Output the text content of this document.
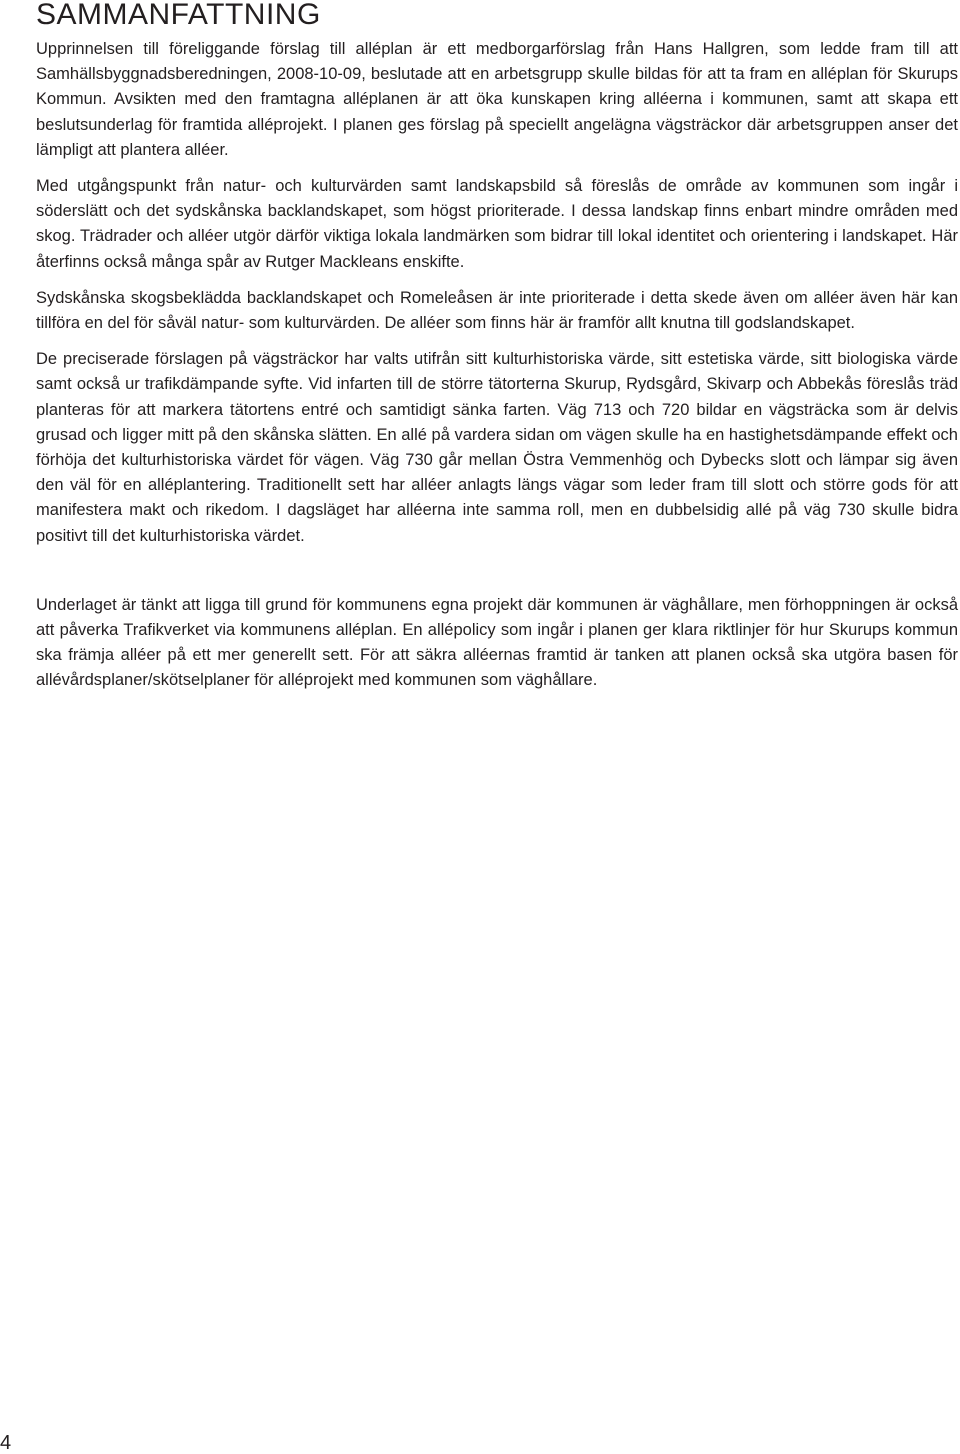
SAMMANFATTNING

Upprinnelsen till föreliggande förslag till alléplan är ett medborgarförslag från Hans Hallgren, som ledde fram till att Samhällsbyggnadsberedningen, 2008-10-09, beslutade att en arbetsgrupp skulle bildas för att ta fram en alléplan för Skurups Kommun. Avsikten med den framtagna alléplanen är att öka kunskapen kring alléerna i kommunen, samt att skapa ett beslutsunderlag för framtida alléprojekt. I planen ges förslag på speciellt angelägna vägsträckor där arbetsgruppen anser det lämpligt att plantera alléer.

Med utgångspunkt från natur- och kulturvärden samt landskapsbild så föreslås de område av kommunen som ingår i söderslätt och det sydskånska backlandskapet, som högst prioriterade. I dessa landskap finns enbart mindre områden med skog. Trädrader och alléer utgör därför viktiga lokala landmärken som bidrar till lokal identitet och orientering i landskapet. Här återfinns också många spår av Rutger Mackleans enskifte.

Sydskånska skogsbeklädda backlandskapet och Romeleåsen är inte prioriterade i detta skede även om alléer även här kan tillföra en del för såväl natur- som kulturvärden. De alléer som finns här är framför allt knutna till godslandskapet.

De preciserade förslagen på vägsträckor har valts utifrån sitt kulturhistoriska värde, sitt estetiska värde, sitt biologiska värde samt också ur trafikdämpande syfte. Vid infarten till de större tätorterna Skurup, Rydsgård, Skivarp och Abbekås föreslås träd planteras för att markera tätortens entré och samtidigt sänka farten. Väg 713 och 720 bildar en vägsträcka som är delvis grusad och ligger mitt på den skånska slätten. En allé på vardera sidan om vägen skulle ha en hastighetsdämpande effekt och förhöja det kulturhistoriska värdet för vägen. Väg 730 går mellan Östra Vemmenhög och Dybecks slott och lämpar sig även den väl för en alléplantering. Traditionellt sett har alléer anlagts längs vägar som leder fram till slott och större gods för att manifestera makt och rikedom. I dagsläget har alléerna inte samma roll, men en dubbelsidig allé på väg 730 skulle bidra positivt till det kulturhistoriska värdet.

Underlaget är tänkt att ligga till grund för kommunens egna projekt där kommunen är väghållare, men förhoppningen är också att påverka Trafikverket via kommunens alléplan. En allépolicy som ingår i planen ger klara riktlinjer för hur Skurups kommun ska främja alléer på ett mer generellt sett. För att säkra alléernas framtid är tanken att planen också ska utgöra basen för allévårdsplaner/skötselplaner för alléprojekt med kommunen som väghållare.

4
